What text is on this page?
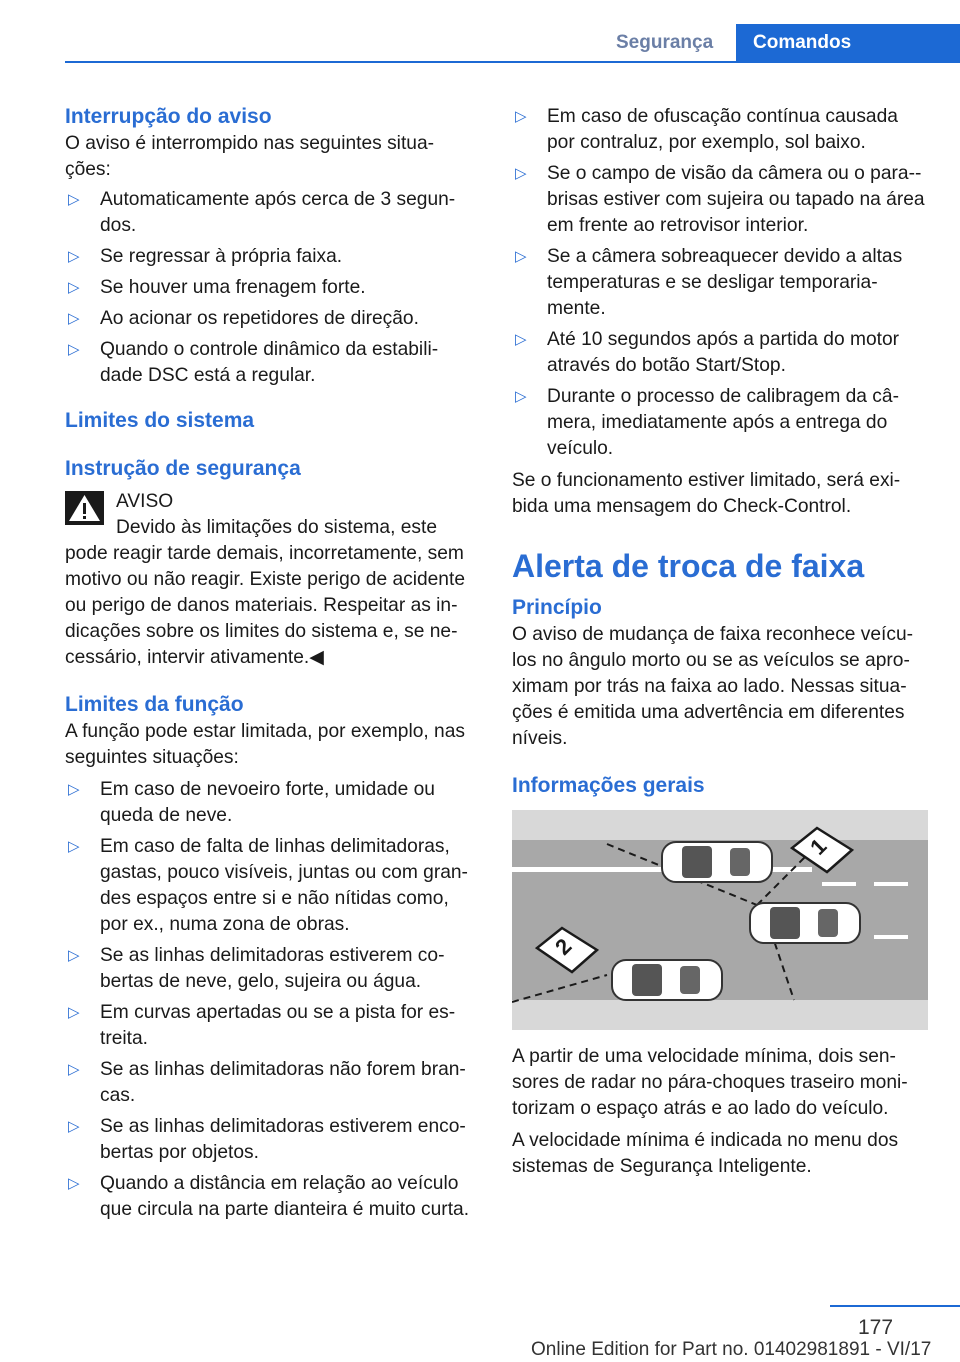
Segurança	Comandos
Interrupção do aviso

O aviso é interrompido nas seguintes situa‐ções:

▷ Automaticamente após cerca de 3 segun‐dos.
▷ Se regressar à própria faixa.
▷ Se houver uma frenagem forte.
▷ Ao acionar os repetidores de direção.
▷ Quando o controle dinâmico da estabili‐dade DSC está a regular.
Limites do sistema
Instrução de segurança
AVISO
Devido às limitações do sistema, este
pode reagir tarde demais, incorretamente, sem motivo ou não reagir. Existe perigo de acidente ou perigo de danos materiais. Respeitar as in‐dicações sobre os limites do sistema e, se ne‐cessário, intervir ativamente.◀
Limites da função

A função pode estar limitada, por exemplo, nas seguintes situações:

▷ Em caso de nevoeiro forte, umidade ou queda de neve.
▷ Em caso de falta de linhas delimitadoras, gastas, pouco visíveis, juntas ou com gran‐des espaços entre si e não nítidas como, por ex., numa zona de obras.
▷ Se as linhas delimitadoras estiverem co‐bertas de neve, gelo, sujeira ou água.
▷ Em curvas apertadas ou se a pista for es‐treita.
▷ Se as linhas delimitadoras não forem bran‐cas.
▷ Se as linhas delimitadoras estiverem enco‐bertas por objetos.
▷ Quando a distância em relação ao veículo que circula na parte dianteira é muito curta.
▷ Em caso de ofuscação contínua causada por contraluz, por exemplo, sol baixo.
▷ Se o campo de visão da câmera ou o para‐-brisas estiver com sujeira ou tapado na área em frente ao retrovisor interior.
▷ Se a câmera sobreaquecer devido a altas temperaturas e se desligar temporaria‐mente.
▷ Até 10 segundos após a partida do motor através do botão Start/Stop.
▷ Durante o processo de calibragem da câ‐mera, imediatamente após a entrega do veículo.

Se o funcionamento estiver limitado, será exi‐bida uma mensagem do Check-Control.

Alerta de troca de faixa
Princípio

O aviso de mudança de faixa reconhece veícu‐los no ângulo morto ou se as veículos se apro‐ximam por trás na faixa ao lado. Nessas situa‐ções é emitida uma advertência em diferentes níveis.

Informações gerais
1
2

A partir de uma velocidade mínima, dois sen‐sores de radar no pára-choques traseiro moni‐torizam o espaço atrás e ao lado do veículo.

A velocidade mínima é indicada no menu dos sistemas de Segurança Inteligente.

177
Online Edition for Part no. 01402981891 - VI/17
